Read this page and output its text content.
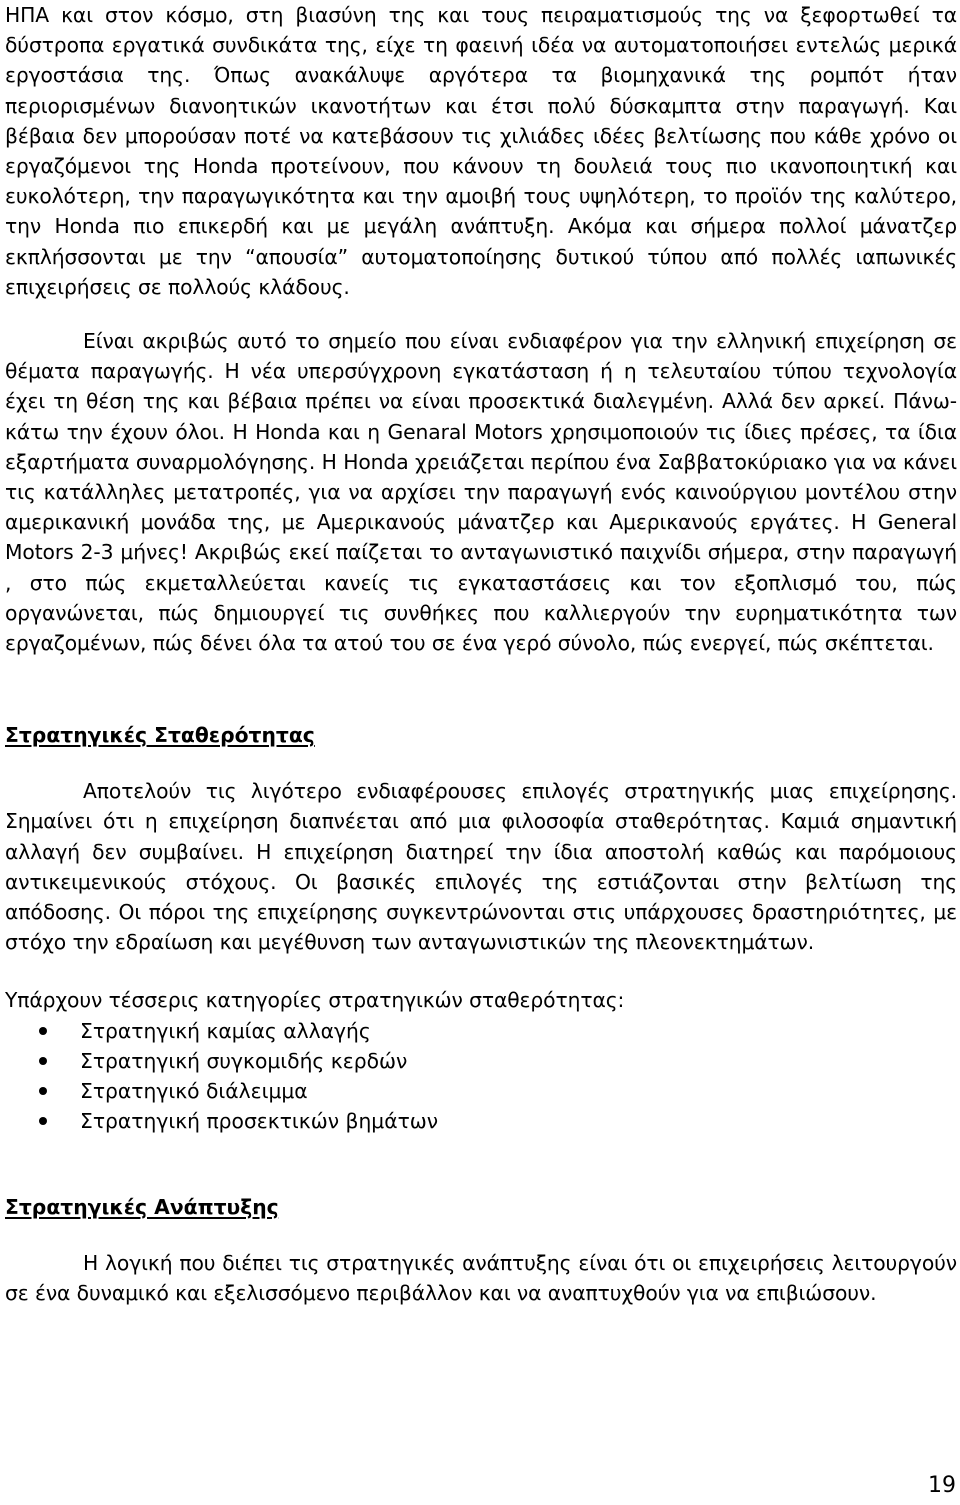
ΗΠΑ και στον κόσμο, στη βιασύνη της και τους πειραματισμούς της να ξεφορτωθεί τα δύστροπα εργατικά συνδικάτα της, είχε τη φαεινή ιδέα να αυτοματοποιήσει εντελώς μερικά εργοστάσια της. Όπως ανακάλυψε αργότερα τα βιομηχανικά της ρομπότ ήταν περιορισμένων διανοητικών ικανοτήτων και έτσι πολύ δύσκαμπτα στην παραγωγή. Και βέβαια δεν μπορούσαν ποτέ να κατεβάσουν τις χιλιάδες ιδέες βελτίωσης που κάθε χρόνο οι εργαζόμενοι της Honda προτείνουν, που κάνουν τη δουλειά τους πιο ικανοποιητική και ευκολότερη, την παραγωγικότητα και την αμοιβή τους υψηλότερη, το προϊόν της καλύτερο, την Honda πιο επικερδή και με μεγάλη ανάπτυξη. Ακόμα και σήμερα πολλοί μάνατζερ εκπλήσσονται με την “απουσία” αυτοματοποίησης δυτικού τύπου από πολλές ιαπωνικές επιχειρήσεις σε πολλούς κλάδους.

Είναι ακριβώς αυτό το σημείο που είναι ενδιαφέρον για την ελληνική επιχείρηση σε θέματα παραγωγής. Η νέα υπερσύγχρονη εγκατάσταση ή η τελευταίου τύπου τεχνολογία έχει τη θέση της και βέβαια πρέπει να είναι προσεκτικά διαλεγμένη. Αλλά δεν αρκεί. Πάνω-κάτω την έχουν όλοι. Η Honda και η Genaral Motors χρησιμοποιούν τις ίδιες πρέσες, τα ίδια εξαρτήματα συναρμολόγησης. Η Honda χρειάζεται περίπου ένα Σαββατοκύριακο για να κάνει τις κατάλληλες μετατροπές, για να αρχίσει την παραγωγή ενός καινούργιου μοντέλου στην αμερικανική μονάδα της, με Αμερικανούς μάνατζερ και Αμερικανούς εργάτες. Η General Motors 2-3 μήνες! Ακριβώς εκεί παίζεται το ανταγωνιστικό παιχνίδι σήμερα, στην παραγωγή , στο πώς εκμεταλλεύεται κανείς τις εγκαταστάσεις και τον εξοπλισμό του, πώς οργανώνεται, πώς δημιουργεί τις συνθήκες που καλλιεργούν την ευρηματικότητα των εργαζομένων, πώς δένει όλα τα ατού του σε ένα γερό σύνολο, πώς ενεργεί, πώς σκέπτεται.

Στρατηγικές Σταθερότητας

Αποτελούν τις λιγότερο ενδιαφέρουσες επιλογές στρατηγικής μιας επιχείρησης. Σημαίνει ότι η επιχείρηση διαπνέεται από μια φιλοσοφία σταθερότητας. Καμιά σημαντική αλλαγή δεν συμβαίνει. Η επιχείρηση διατηρεί την ίδια αποστολή καθώς και παρόμοιους αντικειμενικούς στόχους. Οι βασικές επιλογές της εστιάζονται στην βελτίωση της απόδοσης. Οι πόροι της επιχείρησης συγκεντρώνονται στις υπάρχουσες δραστηριότητες, με στόχο την εδραίωση και μεγέθυνση των ανταγωνιστικών της πλεονεκτημάτων.

Υπάρχουν τέσσερις κατηγορίες στρατηγικών σταθερότητας:

Στρατηγική καμίας αλλαγής
Στρατηγική συγκομιδής κερδών
Στρατηγικό διάλειμμα
Στρατηγική προσεκτικών βημάτων
Στρατηγικές Ανάπτυξης

Η λογική που διέπει τις στρατηγικές ανάπτυξης είναι ότι οι επιχειρήσεις λειτουργούν σε ένα δυναμικό και εξελισσόμενο περιβάλλον και να αναπτυχθούν για να επιβιώσουν.

19
